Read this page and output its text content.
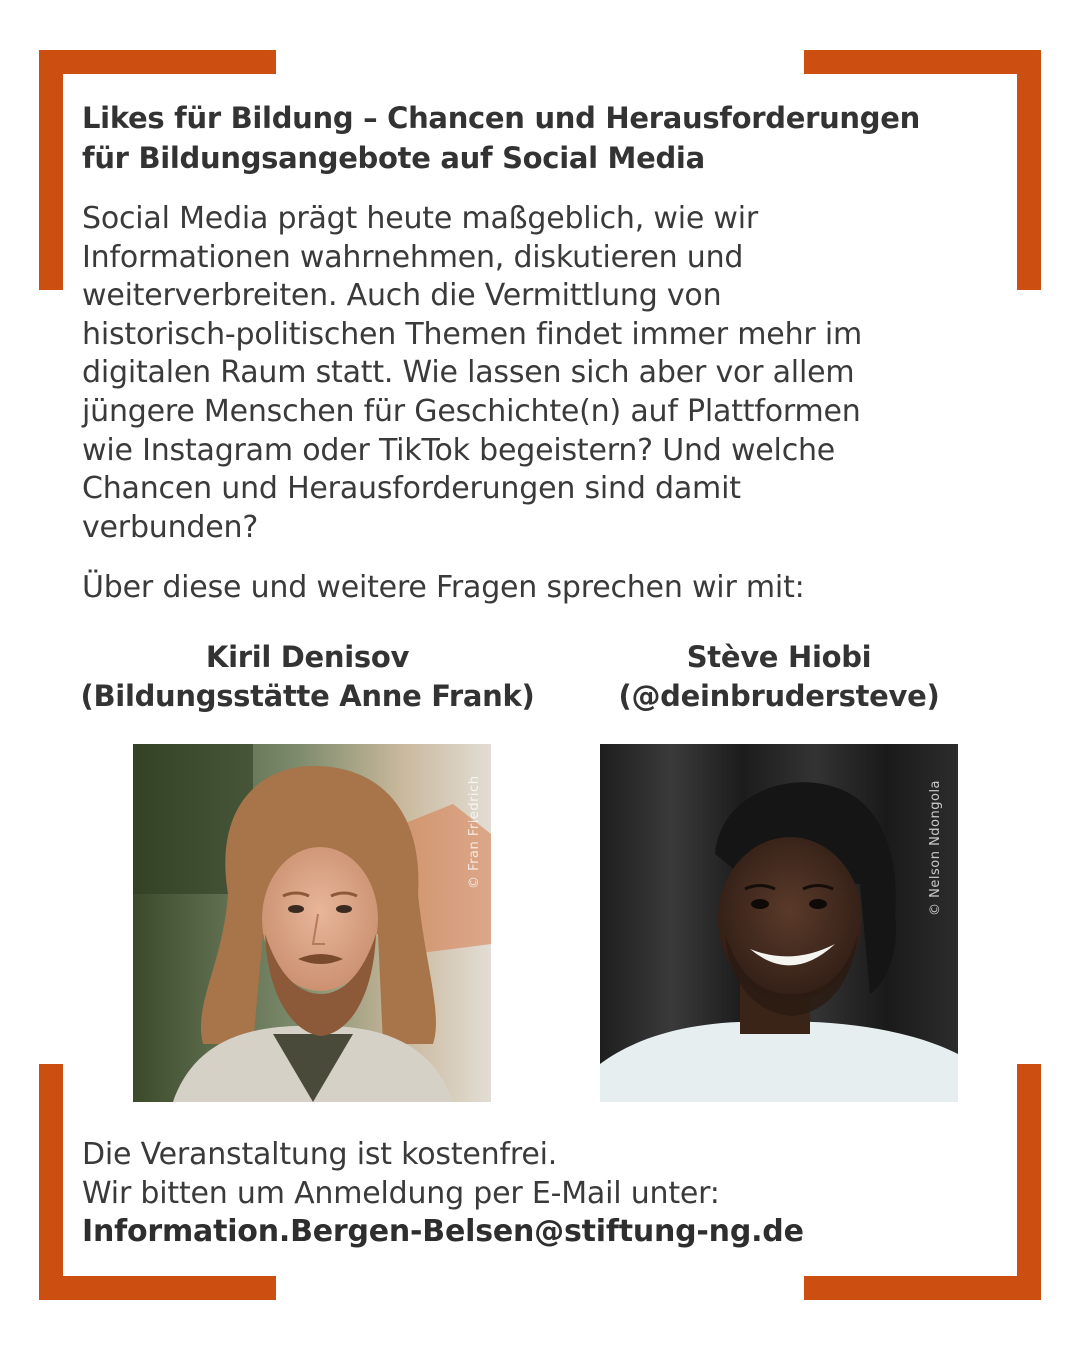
Likes für Bildung – Chancen und Herausforderungen
für Bildungsangebote auf Social Media
Social Media prägt heute maßgeblich, wie wir
Informationen wahrnehmen, diskutieren und
weiterverbreiten. Auch die Vermittlung von
historisch-politischen Themen findet immer mehr im
digitalen Raum statt. Wie lassen sich aber vor allem
jüngere Menschen für Geschichte(n) auf Plattformen
wie Instagram oder TikTok begeistern? Und welche
Chancen und Herausforderungen sind damit
verbunden?
Über diese und weitere Fragen sprechen wir mit:
Kiril Denisov
(Bildungsstätte Anne Frank)
Stève Hiobi
(@deinbrudersteve)
© Fran Friedrich	© Nelson Ndongola
Die Veranstaltung ist kostenfrei.
Wir bitten um Anmeldung per E-Mail unter:
Information.Bergen-Belsen@stiftung-ng.de
